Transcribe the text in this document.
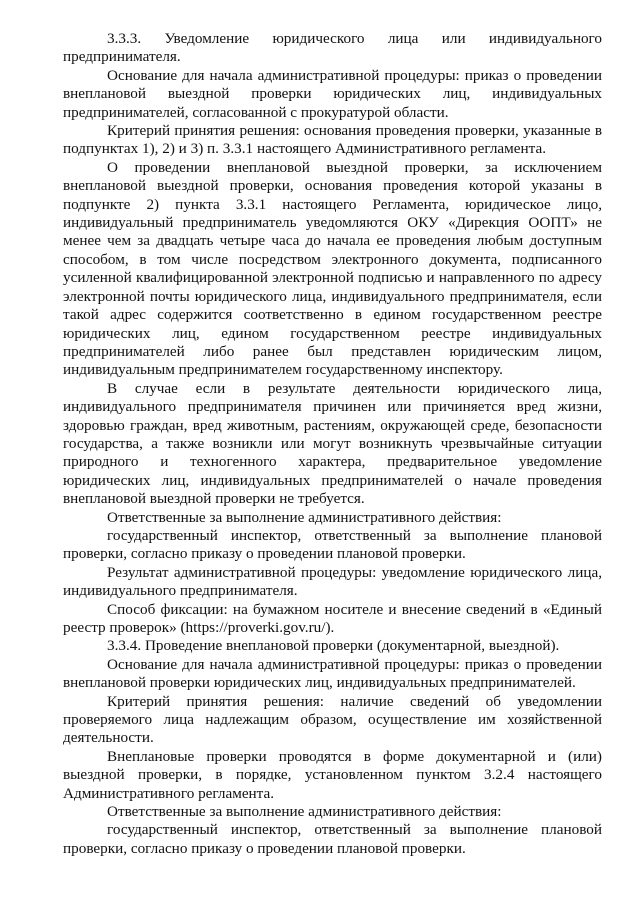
3.3.3. Уведомление юридического лица или индивидуального предпринимателя.

Основание для начала административной процедуры: приказ о проведении внеплановой выездной проверки юридических лиц, индивидуальных предпринимателей, согласованной с прокуратурой области.

Критерий принятия решения: основания проведения проверки, указанные в подпунктах 1), 2) и 3) п. 3.3.1 настоящего Административного регламента.

О проведении внеплановой выездной проверки, за исключением внеплановой выездной проверки, основания проведения которой указаны в подпункте 2) пункта 3.3.1 настоящего Регламента, юридическое лицо, индивидуальный предприниматель уведомляются ОКУ «Дирекция ООПТ» не менее чем за двадцать четыре часа до начала ее проведения любым доступным способом, в том числе посредством электронного документа, подписанного усиленной квалифицированной электронной подписью и направленного по адресу электронной почты юридического лица, индивидуального предпринимателя, если такой адрес содержится соответственно в едином государственном реестре юридических лиц, едином государственном реестре индивидуальных предпринимателей либо ранее был представлен юридическим лицом, индивидуальным предпринимателем государственному инспектору.

В случае если в результате деятельности юридического лица, индивидуального предпринимателя причинен или причиняется вред жизни, здоровью граждан, вред животным, растениям, окружающей среде, безопасности государства, а также возникли или могут возникнуть чрезвычайные ситуации природного и техногенного характера, предварительное уведомление юридических лиц, индивидуальных предпринимателей о начале проведения внеплановой выездной проверки не требуется.

Ответственные за выполнение административного действия:

государственный инспектор, ответственный за выполнение плановой проверки, согласно приказу о проведении плановой проверки.

Результат административной процедуры: уведомление юридического лица, индивидуального предпринимателя.

Способ фиксации: на бумажном носителе и внесение сведений в «Единый реестр проверок» (https://proverki.gov.ru/).

3.3.4. Проведение внеплановой проверки (документарной, выездной).

Основание для начала административной процедуры: приказ о проведении внеплановой проверки юридических лиц, индивидуальных предпринимателей.

Критерий принятия решения: наличие сведений об уведомлении проверяемого лица надлежащим образом, осуществление им хозяйственной деятельности.

Внеплановые проверки проводятся в форме документарной и (или) выездной проверки, в порядке, установленном пунктом 3.2.4 настоящего Административного регламента.

Ответственные за выполнение административного действия:

государственный инспектор, ответственный за выполнение плановой проверки, согласно приказу о проведении плановой проверки.
